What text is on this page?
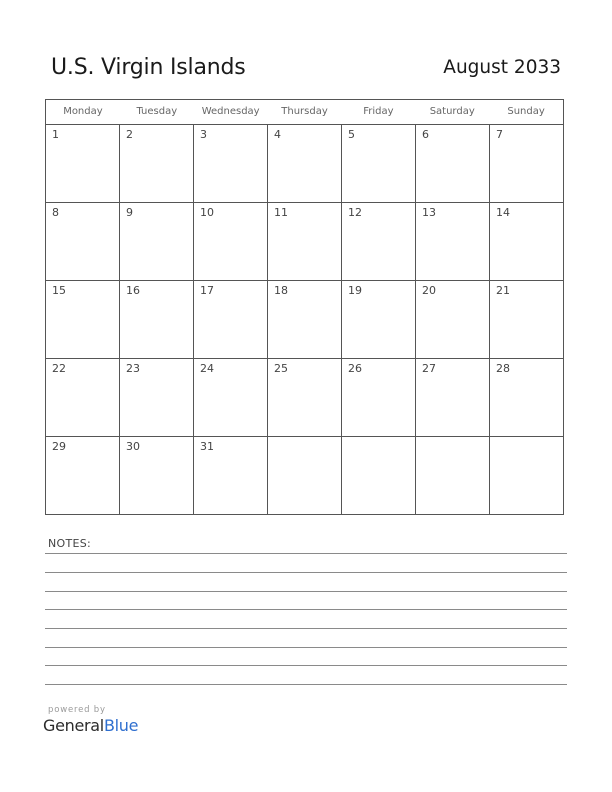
U.S. Virgin Islands	August 2033
Monday	Tuesday	Wednesday	Thursday	Friday	Saturday	Sunday
1	2	3	4	5	6	7
8	9	10	11	12	13	14
15	16	17	18	19	20	21
22	23	24	25	26	27	28
29	30	31
NOTES:
powered by
GeneralBlue
